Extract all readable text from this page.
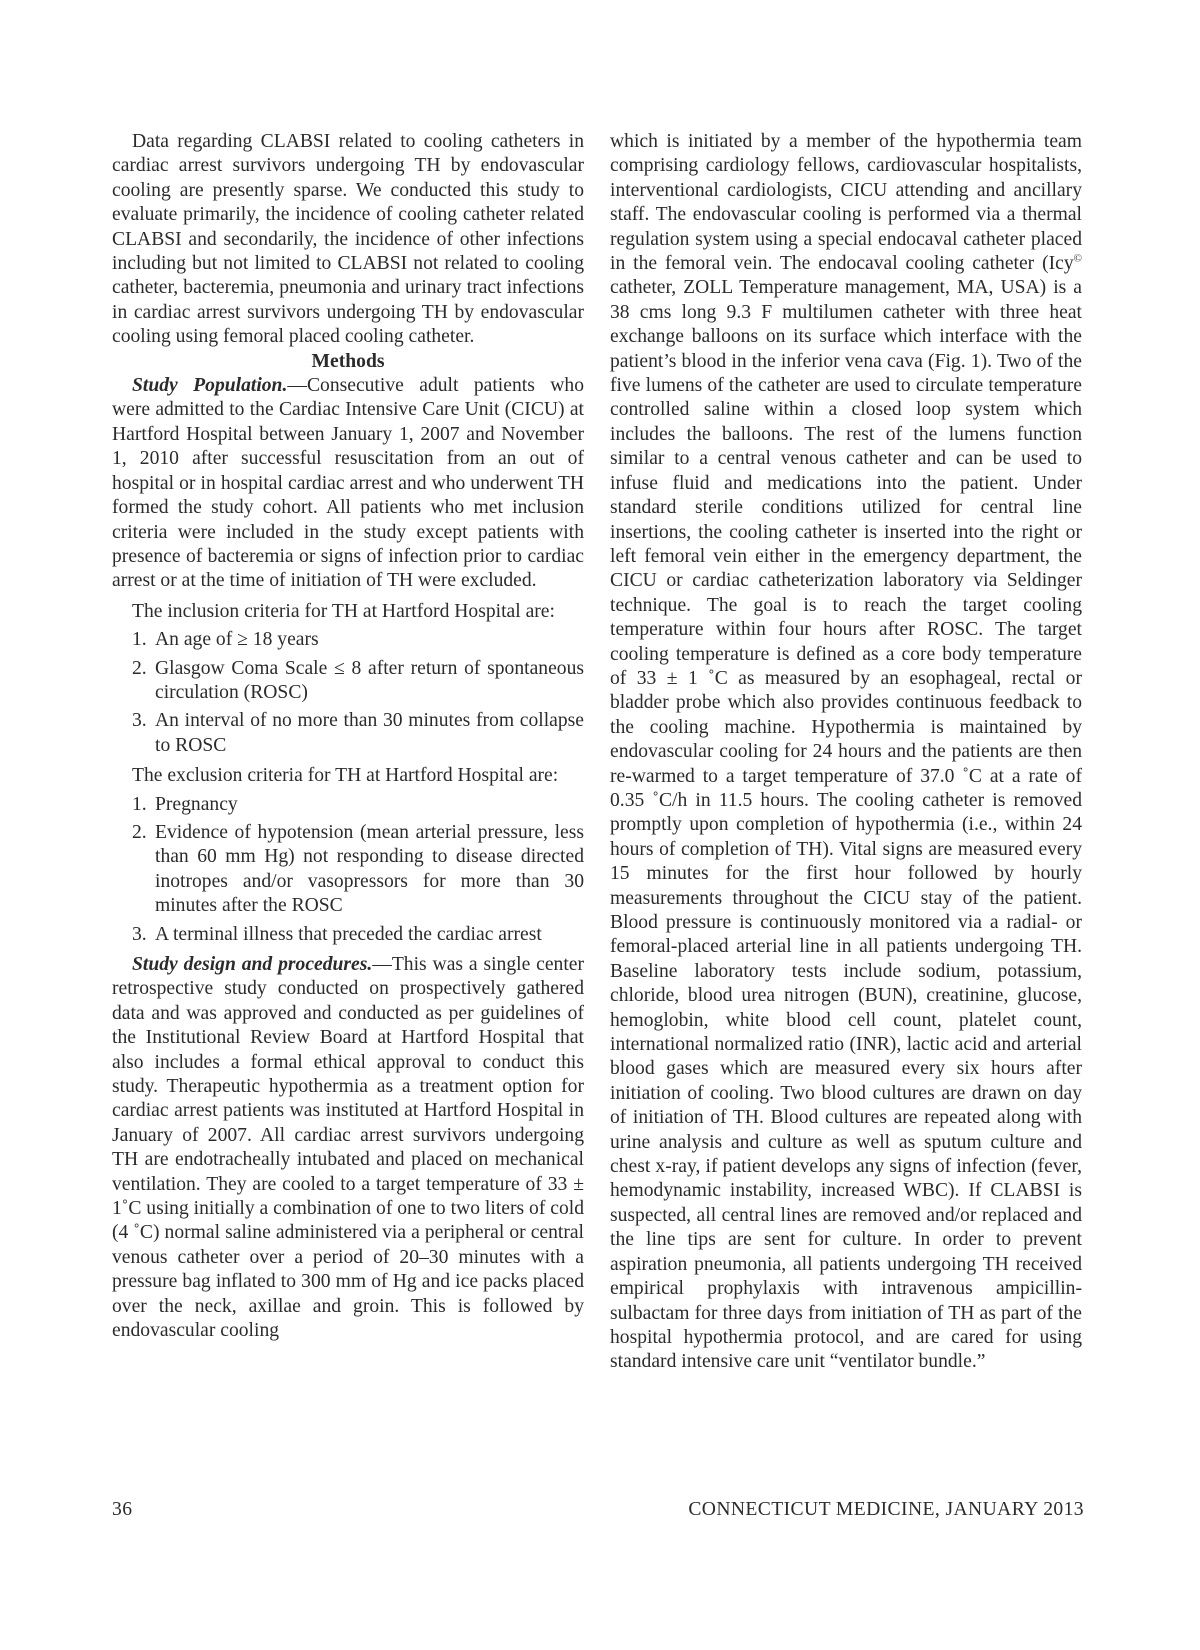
Data regarding CLABSI related to cooling catheters in cardiac arrest survivors undergoing TH by endovascular cooling are presently sparse. We conducted this study to evaluate primarily, the incidence of cooling catheter related CLABSI and secondarily, the incidence of other infections including but not limited to CLABSI not related to cooling catheter, bacteremia, pneumonia and urinary tract infections in cardiac arrest survivors undergoing TH by endovascular cooling using femoral placed cooling catheter.

Methods

Study Population.—Consecutive adult patients who were admitted to the Cardiac Intensive Care Unit (CICU) at Hartford Hospital between January 1, 2007 and November 1, 2010 after successful resuscitation from an out of hospital or in hospital cardiac arrest and who underwent TH formed the study cohort. All patients who met inclusion criteria were included in the study except patients with presence of bacteremia or signs of infection prior to cardiac arrest or at the time of initiation of TH were excluded.

The inclusion criteria for TH at Hartford Hospital are:

1. An age of ≥ 18 years
2. Glasgow Coma Scale ≤ 8 after return of spontaneous circulation (ROSC)
3. An interval of no more than 30 minutes from collapse to ROSC

The exclusion criteria for TH at Hartford Hospital are:

1. Pregnancy
2. Evidence of hypotension (mean arterial pressure, less than 60 mm Hg) not responding to disease directed inotropes and/or vasopressors for more than 30 minutes after the ROSC
3. A terminal illness that preceded the cardiac arrest

Study design and procedures.—This was a single center retrospective study conducted on prospectively gathered data and was approved and conducted as per guidelines of the Institutional Review Board at Hartford Hospital that also includes a formal ethical approval to conduct this study. Therapeutic hypothermia as a treatment option for cardiac arrest patients was instituted at Hartford Hospital in January of 2007. All cardiac arrest survivors undergoing TH are endotracheally intubated and placed on mechanical ventilation. They are cooled to a target temperature of 33 ± 1˚C using initially a combination of one to two liters of cold (4 ˚C) normal saline administered via a peripheral or central venous catheter over a period of 20–30 minutes with a pressure bag inflated to 300 mm of Hg and ice packs placed over the neck, axillae and groin. This is followed by endovascular cooling

which is initiated by a member of the hypothermia team comprising cardiology fellows, cardiovascular hospitalists, interventional cardiologists, CICU attending and ancillary staff. The endovascular cooling is performed via a thermal regulation system using a special endocaval catheter placed in the femoral vein. The endocaval cooling catheter (Icy© catheter, ZOLL Temperature management, MA, USA) is a 38 cms long 9.3 F multilumen catheter with three heat exchange balloons on its surface which interface with the patient’s blood in the inferior vena cava (Fig. 1). Two of the five lumens of the catheter are used to circulate temperature controlled saline within a closed loop system which includes the balloons. The rest of the lumens function similar to a central venous catheter and can be used to infuse fluid and medications into the patient. Under standard sterile conditions utilized for central line insertions, the cooling catheter is inserted into the right or left femoral vein either in the emergency department, the CICU or cardiac catheterization laboratory via Seldinger technique. The goal is to reach the target cooling temperature within four hours after ROSC. The target cooling temperature is defined as a core body temperature of 33 ± 1 ˚C as measured by an esophageal, rectal or bladder probe which also provides continuous feedback to the cooling machine. Hypothermia is maintained by endovascular cooling for 24 hours and the patients are then re-warmed to a target temperature of 37.0 ˚C at a rate of 0.35 ˚C/h in 11.5 hours. The cooling catheter is removed promptly upon completion of hypothermia (i.e., within 24 hours of completion of TH). Vital signs are measured every 15 minutes for the first hour followed by hourly measurements throughout the CICU stay of the patient. Blood pressure is continuously monitored via a radial- or femoral-placed arterial line in all patients undergoing TH. Baseline laboratory tests include sodium, potassium, chloride, blood urea nitrogen (BUN), creatinine, glucose, hemoglobin, white blood cell count, platelet count, international normalized ratio (INR), lactic acid and arterial blood gases which are measured every six hours after initiation of cooling. Two blood cultures are drawn on day of initiation of TH. Blood cultures are repeated along with urine analysis and culture as well as sputum culture and chest x-ray, if patient develops any signs of infection (fever, hemodynamic instability, increased WBC). If CLABSI is suspected, all central lines are removed and/or replaced and the line tips are sent for culture. In order to prevent aspiration pneumonia, all patients undergoing TH received empirical prophylaxis with intravenous ampicillin-sulbactam for three days from initiation of TH as part of the hospital hypothermia protocol, and are cared for using standard intensive care unit “ventilator bundle.”

36	CONNECTICUT MEDICINE, JANUARY 2013
